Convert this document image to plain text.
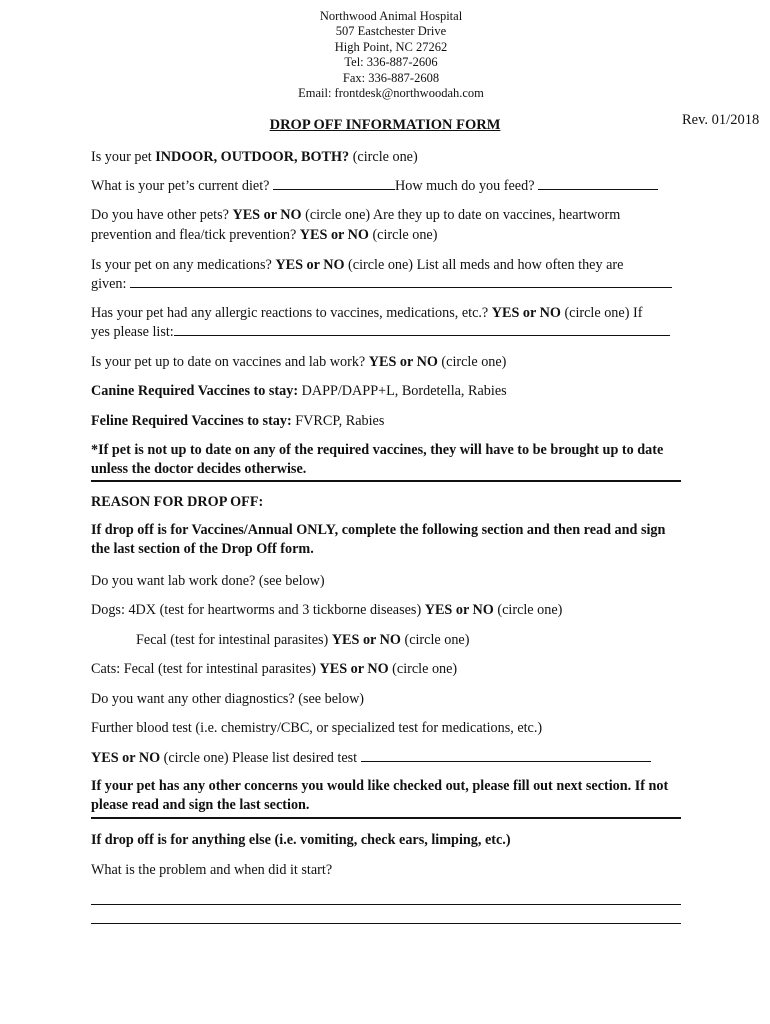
Northwood Animal Hospital
507 Eastchester Drive
High Point, NC 27262
Tel: 336-887-2606
Fax: 336-887-2608
Email: frontdesk@northwoodah.com
Rev. 01/2018
DROP OFF INFORMATION FORM
Is your pet INDOOR, OUTDOOR, BOTH? (circle one)
What is your pet’s current diet?	How much do you feed?
Do you have other pets? YES or NO (circle one) Are they up to date on vaccines, heartworm prevention and flea/tick prevention? YES or NO (circle one)
Is your pet on any medications? YES or NO (circle one) List all meds and how often they are
given:
Has your pet had any allergic reactions to vaccines, medications, etc.? YES or NO (circle one) If
yes please list:
Is your pet up to date on vaccines and lab work? YES or NO (circle one)
Canine Required Vaccines to stay: DAPP/DAPP+L, Bordetella, Rabies
Feline Required Vaccines to stay: FVRCP, Rabies
*If pet is not up to date on any of the required vaccines, they will have to be brought up to date unless the doctor decides otherwise.
REASON FOR DROP OFF:
If drop off is for Vaccines/Annual ONLY, complete the following section and then read and sign the last section of the Drop Off form.
Do you want lab work done? (see below)
Dogs: 4DX (test for heartworms and 3 tickborne diseases) YES or NO (circle one)
Fecal (test for intestinal parasites) YES or NO (circle one)
Cats: Fecal (test for intestinal parasites) YES or NO (circle one)
Do you want any other diagnostics? (see below)
Further blood test (i.e. chemistry/CBC, or specialized test for medications, etc.)
YES or NO (circle one) Please list desired test
If your pet has any other concerns you would like checked out, please fill out next section. If not please read and sign the last section.
If drop off is for anything else (i.e. vomiting, check ears, limping, etc.)
What is the problem and when did it start?
